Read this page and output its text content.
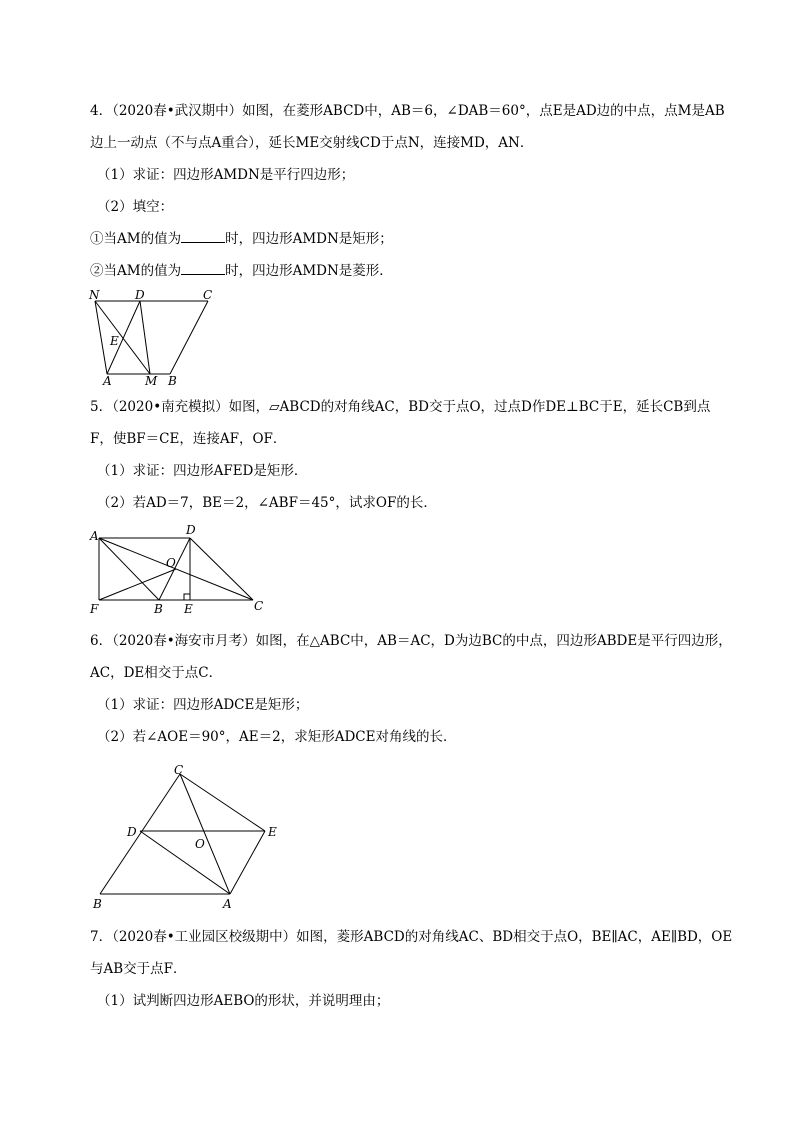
4．（2020春•武汉期中）如图，在菱形ABCD中，AB＝6，∠DAB＝60°，点E是AD边的中点，点M是AB
边上一动点（不与点A重合），延长ME交射线CD于点N，连接MD，AN．
（1）求证：四边形AMDN是平行四边形；
（2）填空：
①当AM的值为	时，四边形AMDN是矩形；
②当AM的值为	时，四边形AMDN是菱形．
N	D	C
E
A	M B
5．（2020•南充模拟）如图，▱ABCD的对角线AC，BD交于点O，过点D作DE⊥BC于E，延长CB到点
F，使BF＝CE，连接AF，OF．
（1）求证：四边形AFED是矩形．
（2）若AD＝7，BE＝2，∠ABF＝45°，试求OF的长．
A	D
O
F	B E	C
6．（2020春•海安市月考）如图，在△ABC中，AB＝AC，D为边BC的中点，四边形ABDE是平行四边形，
AC，DE相交于点C．
（1）求证：四边形ADCE是矩形；
（2）若∠AOE＝90°，AE＝2，求矩形ADCE对角线的长．
C
D
O
E
B	A
7．（2020春•工业园区校级期中）如图，菱形ABCD的对角线AC、BD相交于点O，BE∥AC，AE∥BD，OE
与AB交于点F．
（1）试判断四边形AEBO的形状，并说明理由；
